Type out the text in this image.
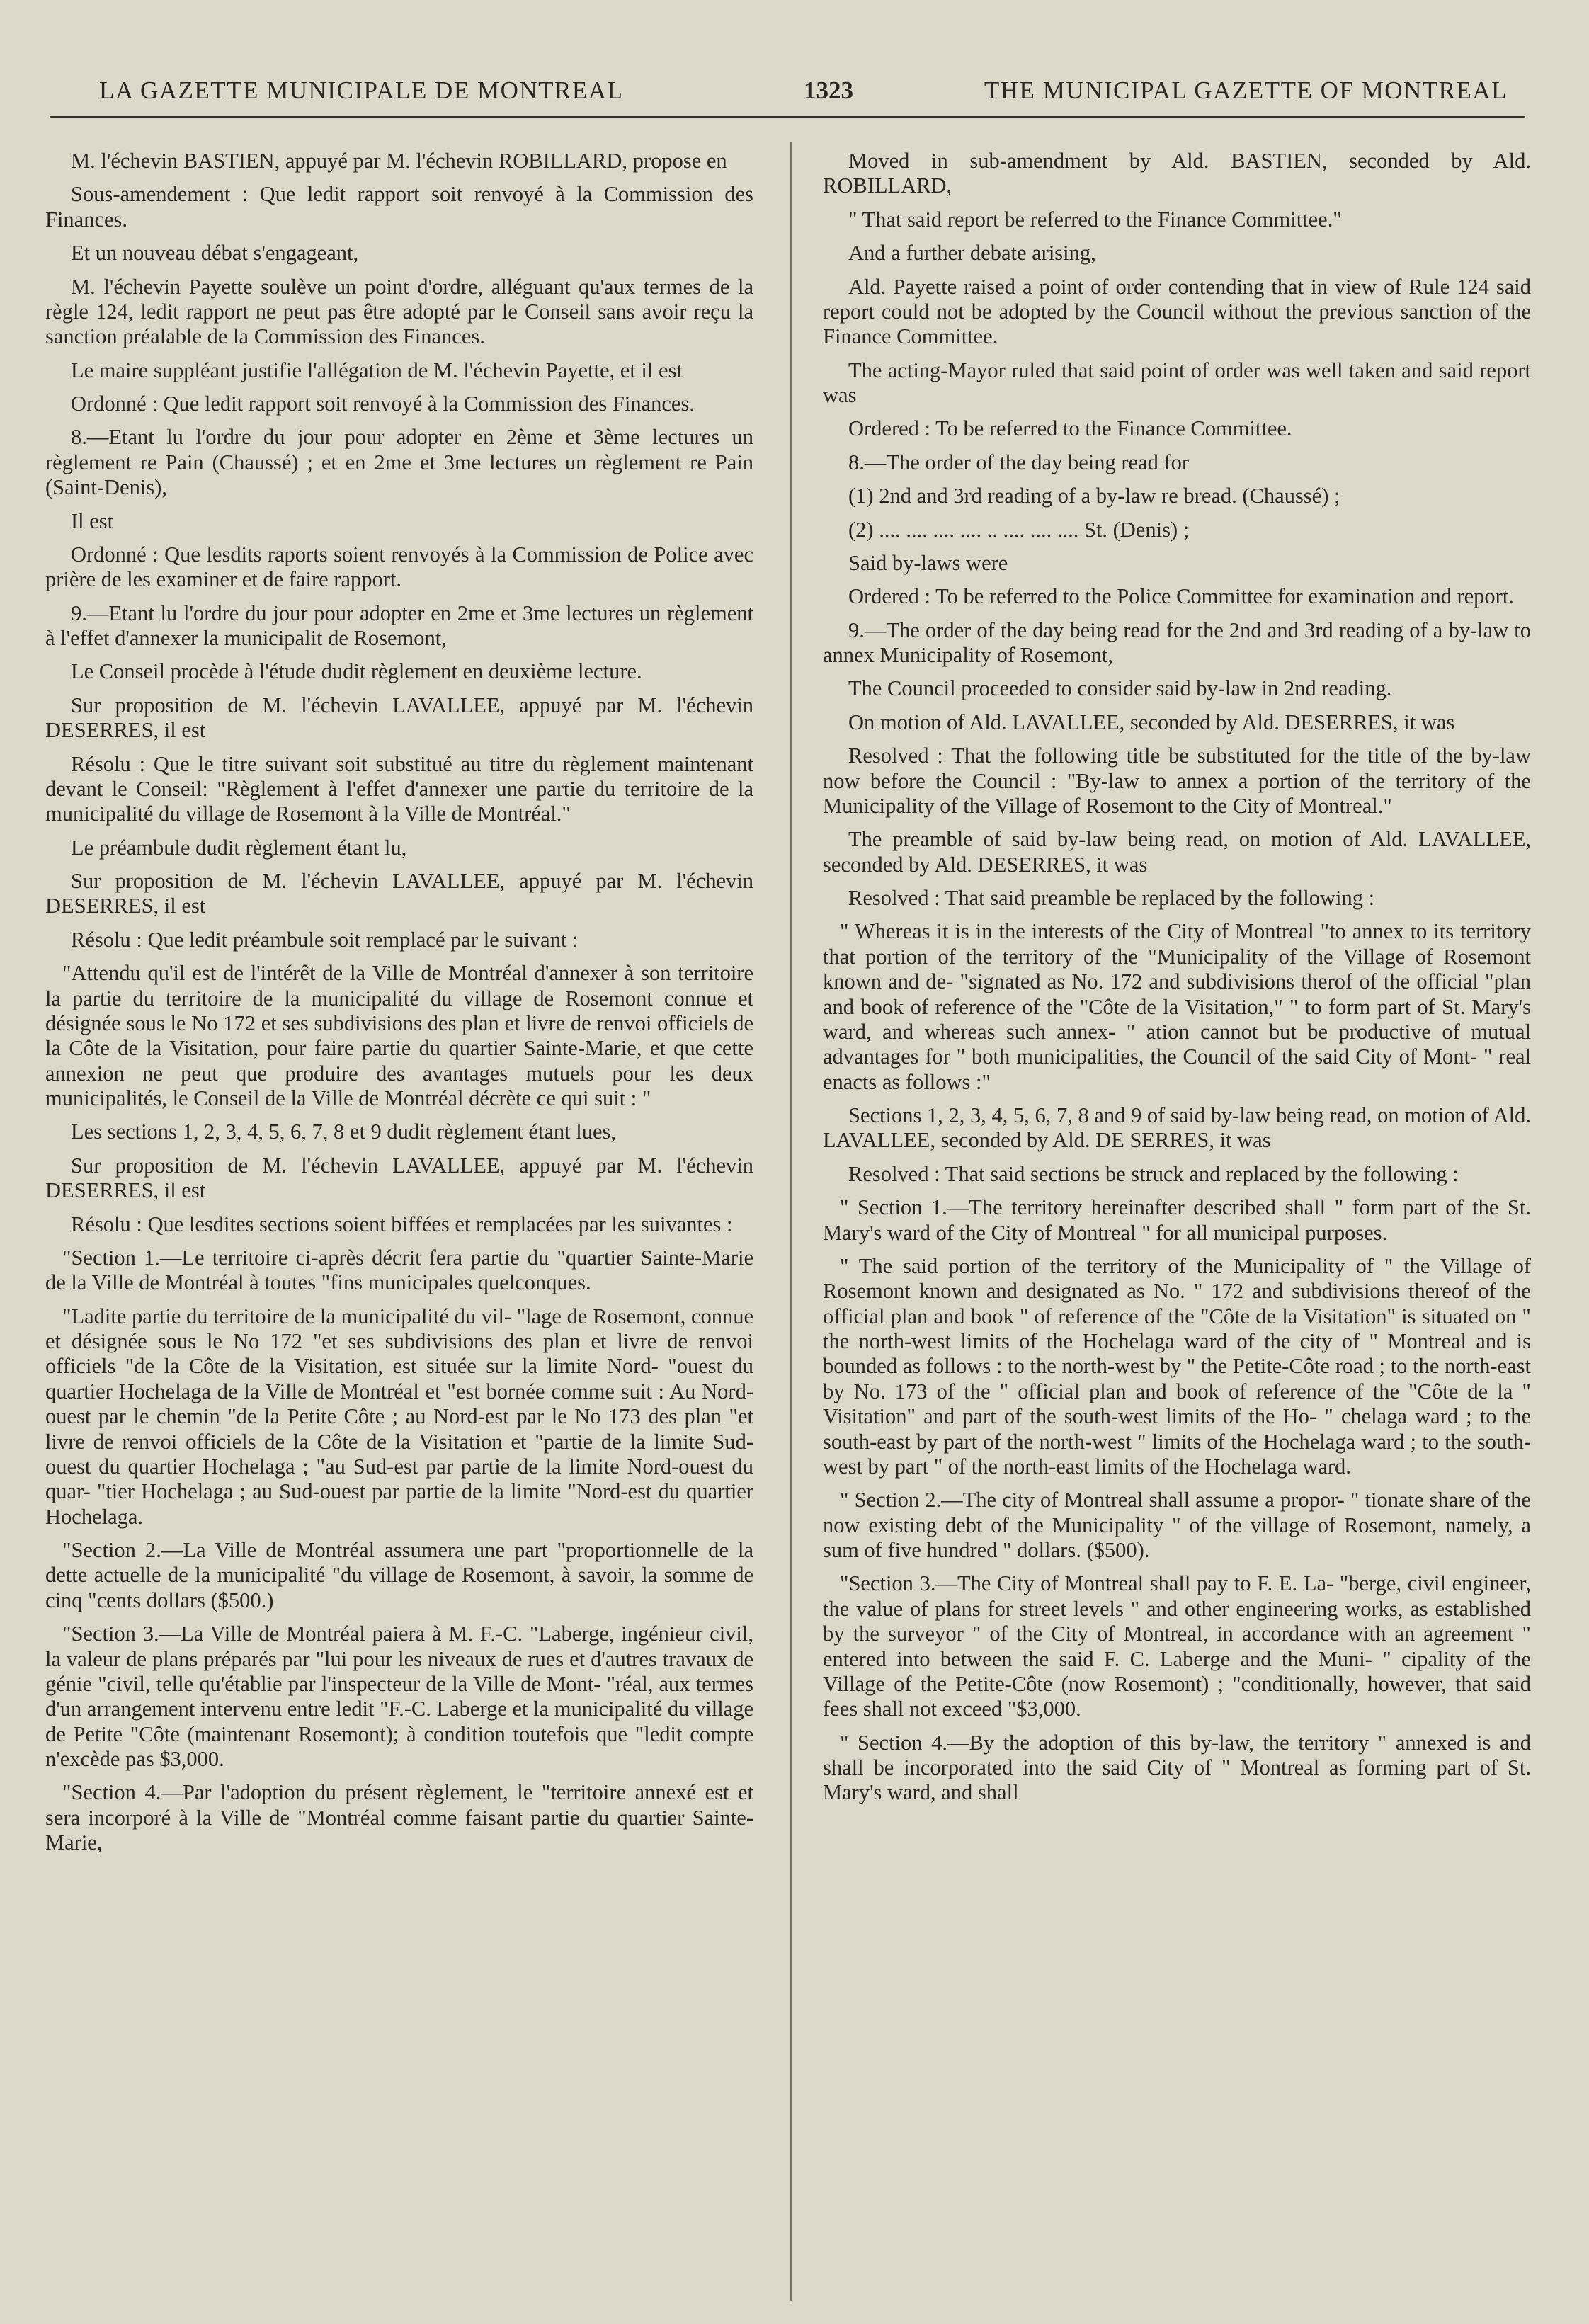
LA GAZETTE MUNICIPALE DE MONTREAL	1323	THE MUNICIPAL GAZETTE OF MONTREAL

M. l'échevin BASTIEN, appuyé par M. l'échevin ROBILLARD, propose en

Sous-amendement : Que ledit rapport soit renvoyé à la Commission des Finances.

Et un nouveau débat s'engageant,

M. l'échevin Payette soulève un point d'ordre, alléguant qu'aux termes de la règle 124, ledit rapport ne peut pas être adopté par le Conseil sans avoir reçu la sanction préalable de la Commission des Finances.

Le maire suppléant justifie l'allégation de M. l'échevin Payette, et il est

Ordonné : Que ledit rapport soit renvoyé à la Commission des Finances.

8.—Etant lu l'ordre du jour pour adopter en 2ème et 3ème lectures un règlement re Pain (Chaussé) ; et en 2me et 3me lectures un règlement re Pain (Saint-Denis),

Il est

Ordonné : Que lesdits raports soient renvoyés à la Commission de Police avec prière de les examiner et de faire rapport.

9.—Etant lu l'ordre du jour pour adopter en 2me et 3me lectures un règlement à l'effet d'annexer la municipalit de Rosemont,

Le Conseil procède à l'étude dudit règlement en deuxième lecture.

Sur proposition de M. l'échevin LAVALLEE, appuyé par M. l'échevin DESERRES, il est

Résolu : Que le titre suivant soit substitué au titre du règlement maintenant devant le Conseil: "Règlement à l'effet d'annexer une partie du territoire de la municipalité du village de Rosemont à la Ville de Montréal."

Le préambule dudit règlement étant lu,

Sur proposition de M. l'échevin LAVALLEE, appuyé par M. l'échevin DESERRES, il est

Résolu : Que ledit préambule soit remplacé par le suivant :

"Attendu qu'il est de l'intérêt de la Ville de Montréal d'annexer à son territoire la partie du territoire de la municipalité du village de Rosemont connue et désignée sous le No 172 et ses subdivisions des plan et livre de renvoi officiels de la Côte de la Visitation, pour faire partie du quartier Sainte-Marie, et que cette annexion ne peut que produire des avantages mutuels pour les deux municipalités, le Conseil de la Ville de Montréal décrète ce qui suit : "

Les sections 1, 2, 3, 4, 5, 6, 7, 8 et 9 dudit règlement étant lues,

Sur proposition de M. l'échevin LAVALLEE, appuyé par M. l'échevin DESERRES, il est

Résolu : Que lesdites sections soient biffées et remplacées par les suivantes :

"Section 1.—Le territoire ci-après décrit fera partie du "quartier Sainte-Marie de la Ville de Montréal à toutes "fins municipales quelconques.

"Ladite partie du territoire de la municipalité du vil- "lage de Rosemont, connue et désignée sous le No 172 "et ses subdivisions des plan et livre de renvoi officiels "de la Côte de la Visitation, est située sur la limite Nord- "ouest du quartier Hochelaga de la Ville de Montréal et "est bornée comme suit : Au Nord-ouest par le chemin "de la Petite Côte ; au Nord-est par le No 173 des plan "et livre de renvoi officiels de la Côte de la Visitation et "partie de la limite Sud-ouest du quartier Hochelaga ; "au Sud-est par partie de la limite Nord-ouest du quar- "tier Hochelaga ; au Sud-ouest par partie de la limite "Nord-est du quartier Hochelaga.

"Section 2.—La Ville de Montréal assumera une part "proportionnelle de la dette actuelle de la municipalité "du village de Rosemont, à savoir, la somme de cinq "cents dollars ($500.)

"Section 3.—La Ville de Montréal paiera à M. F.-C. "Laberge, ingénieur civil, la valeur de plans préparés par "lui pour les niveaux de rues et d'autres travaux de génie "civil, telle qu'établie par l'inspecteur de la Ville de Mont- "réal, aux termes d'un arrangement intervenu entre ledit "F.-C. Laberge et la municipalité du village de Petite "Côte (maintenant Rosemont); à condition toutefois que "ledit compte n'excède pas $3,000.

"Section 4.—Par l'adoption du présent règlement, le "territoire annexé est et sera incorporé à la Ville de "Montréal comme faisant partie du quartier Sainte-Marie,

Moved in sub-amendment by Ald. BASTIEN, seconded by Ald. ROBILLARD,

" That said report be referred to the Finance Committee."

And a further debate arising,

Ald. Payette raised a point of order contending that in view of Rule 124 said report could not be adopted by the Council without the previous sanction of the Finance Committee.

The acting-Mayor ruled that said point of order was well taken and said report was

Ordered : To be referred to the Finance Committee.

8.—The order of the day being read for

(1) 2nd and 3rd reading of a by-law re bread. (Chaussé) ;

(2) .... .... .... .... .. .... .... .... St. (Denis) ;

Said by-laws were

Ordered : To be referred to the Police Committee for examination and report.

9.—The order of the day being read for the 2nd and 3rd reading of a by-law to annex Municipality of Rosemont,

The Council proceeded to consider said by-law in 2nd reading.

On motion of Ald. LAVALLEE, seconded by Ald. DESERRES, it was

Resolved : That the following title be substituted for the title of the by-law now before the Council : "By-law to annex a portion of the territory of the Municipality of the Village of Rosemont to the City of Montreal."

The preamble of said by-law being read, on motion of Ald. LAVALLEE, seconded by Ald. DESERRES, it was

Resolved : That said preamble be replaced by the following :

" Whereas it is in the interests of the City of Montreal "to annex to its territory that portion of the territory of the "Municipality of the Village of Rosemont known and de- "signated as No. 172 and subdivisions therof of the official "plan and book of reference of the "Côte de la Visitation," " to form part of St. Mary's ward, and whereas such annex- " ation cannot but be productive of mutual advantages for " both municipalities, the Council of the said City of Mont- " real enacts as follows :"

Sections 1, 2, 3, 4, 5, 6, 7, 8 and 9 of said by-law being read, on motion of Ald. LAVALLEE, seconded by Ald. DE SERRES, it was

Resolved : That said sections be struck and replaced by the following :

" Section 1.—The territory hereinafter described shall " form part of the St. Mary's ward of the City of Montreal " for all municipal purposes.

" The said portion of the territory of the Municipality of " the Village of Rosemont known and designated as No. " 172 and subdivisions thereof of the official plan and book " of reference of the "Côte de la Visitation" is situated on " the north-west limits of the Hochelaga ward of the city of " Montreal and is bounded as follows : to the north-west by " the Petite-Côte road ; to the north-east by No. 173 of the " official plan and book of reference of the "Côte de la " Visitation" and part of the south-west limits of the Ho- " chelaga ward ; to the south-east by part of the north-west " limits of the Hochelaga ward ; to the south-west by part " of the north-east limits of the Hochelaga ward.

" Section 2.—The city of Montreal shall assume a propor- " tionate share of the now existing debt of the Municipality " of the village of Rosemont, namely, a sum of five hundred " dollars. ($500).

"Section 3.—The City of Montreal shall pay to F. E. La- "berge, civil engineer, the value of plans for street levels " and other engineering works, as established by the surveyor " of the City of Montreal, in accordance with an agreement " entered into between the said F. C. Laberge and the Muni- " cipality of the Village of the Petite-Côte (now Rosemont) ; "conditionally, however, that said fees shall not exceed "$3,000.

" Section 4.—By the adoption of this by-law, the territory " annexed is and shall be incorporated into the said City of " Montreal as forming part of St. Mary's ward, and shall
